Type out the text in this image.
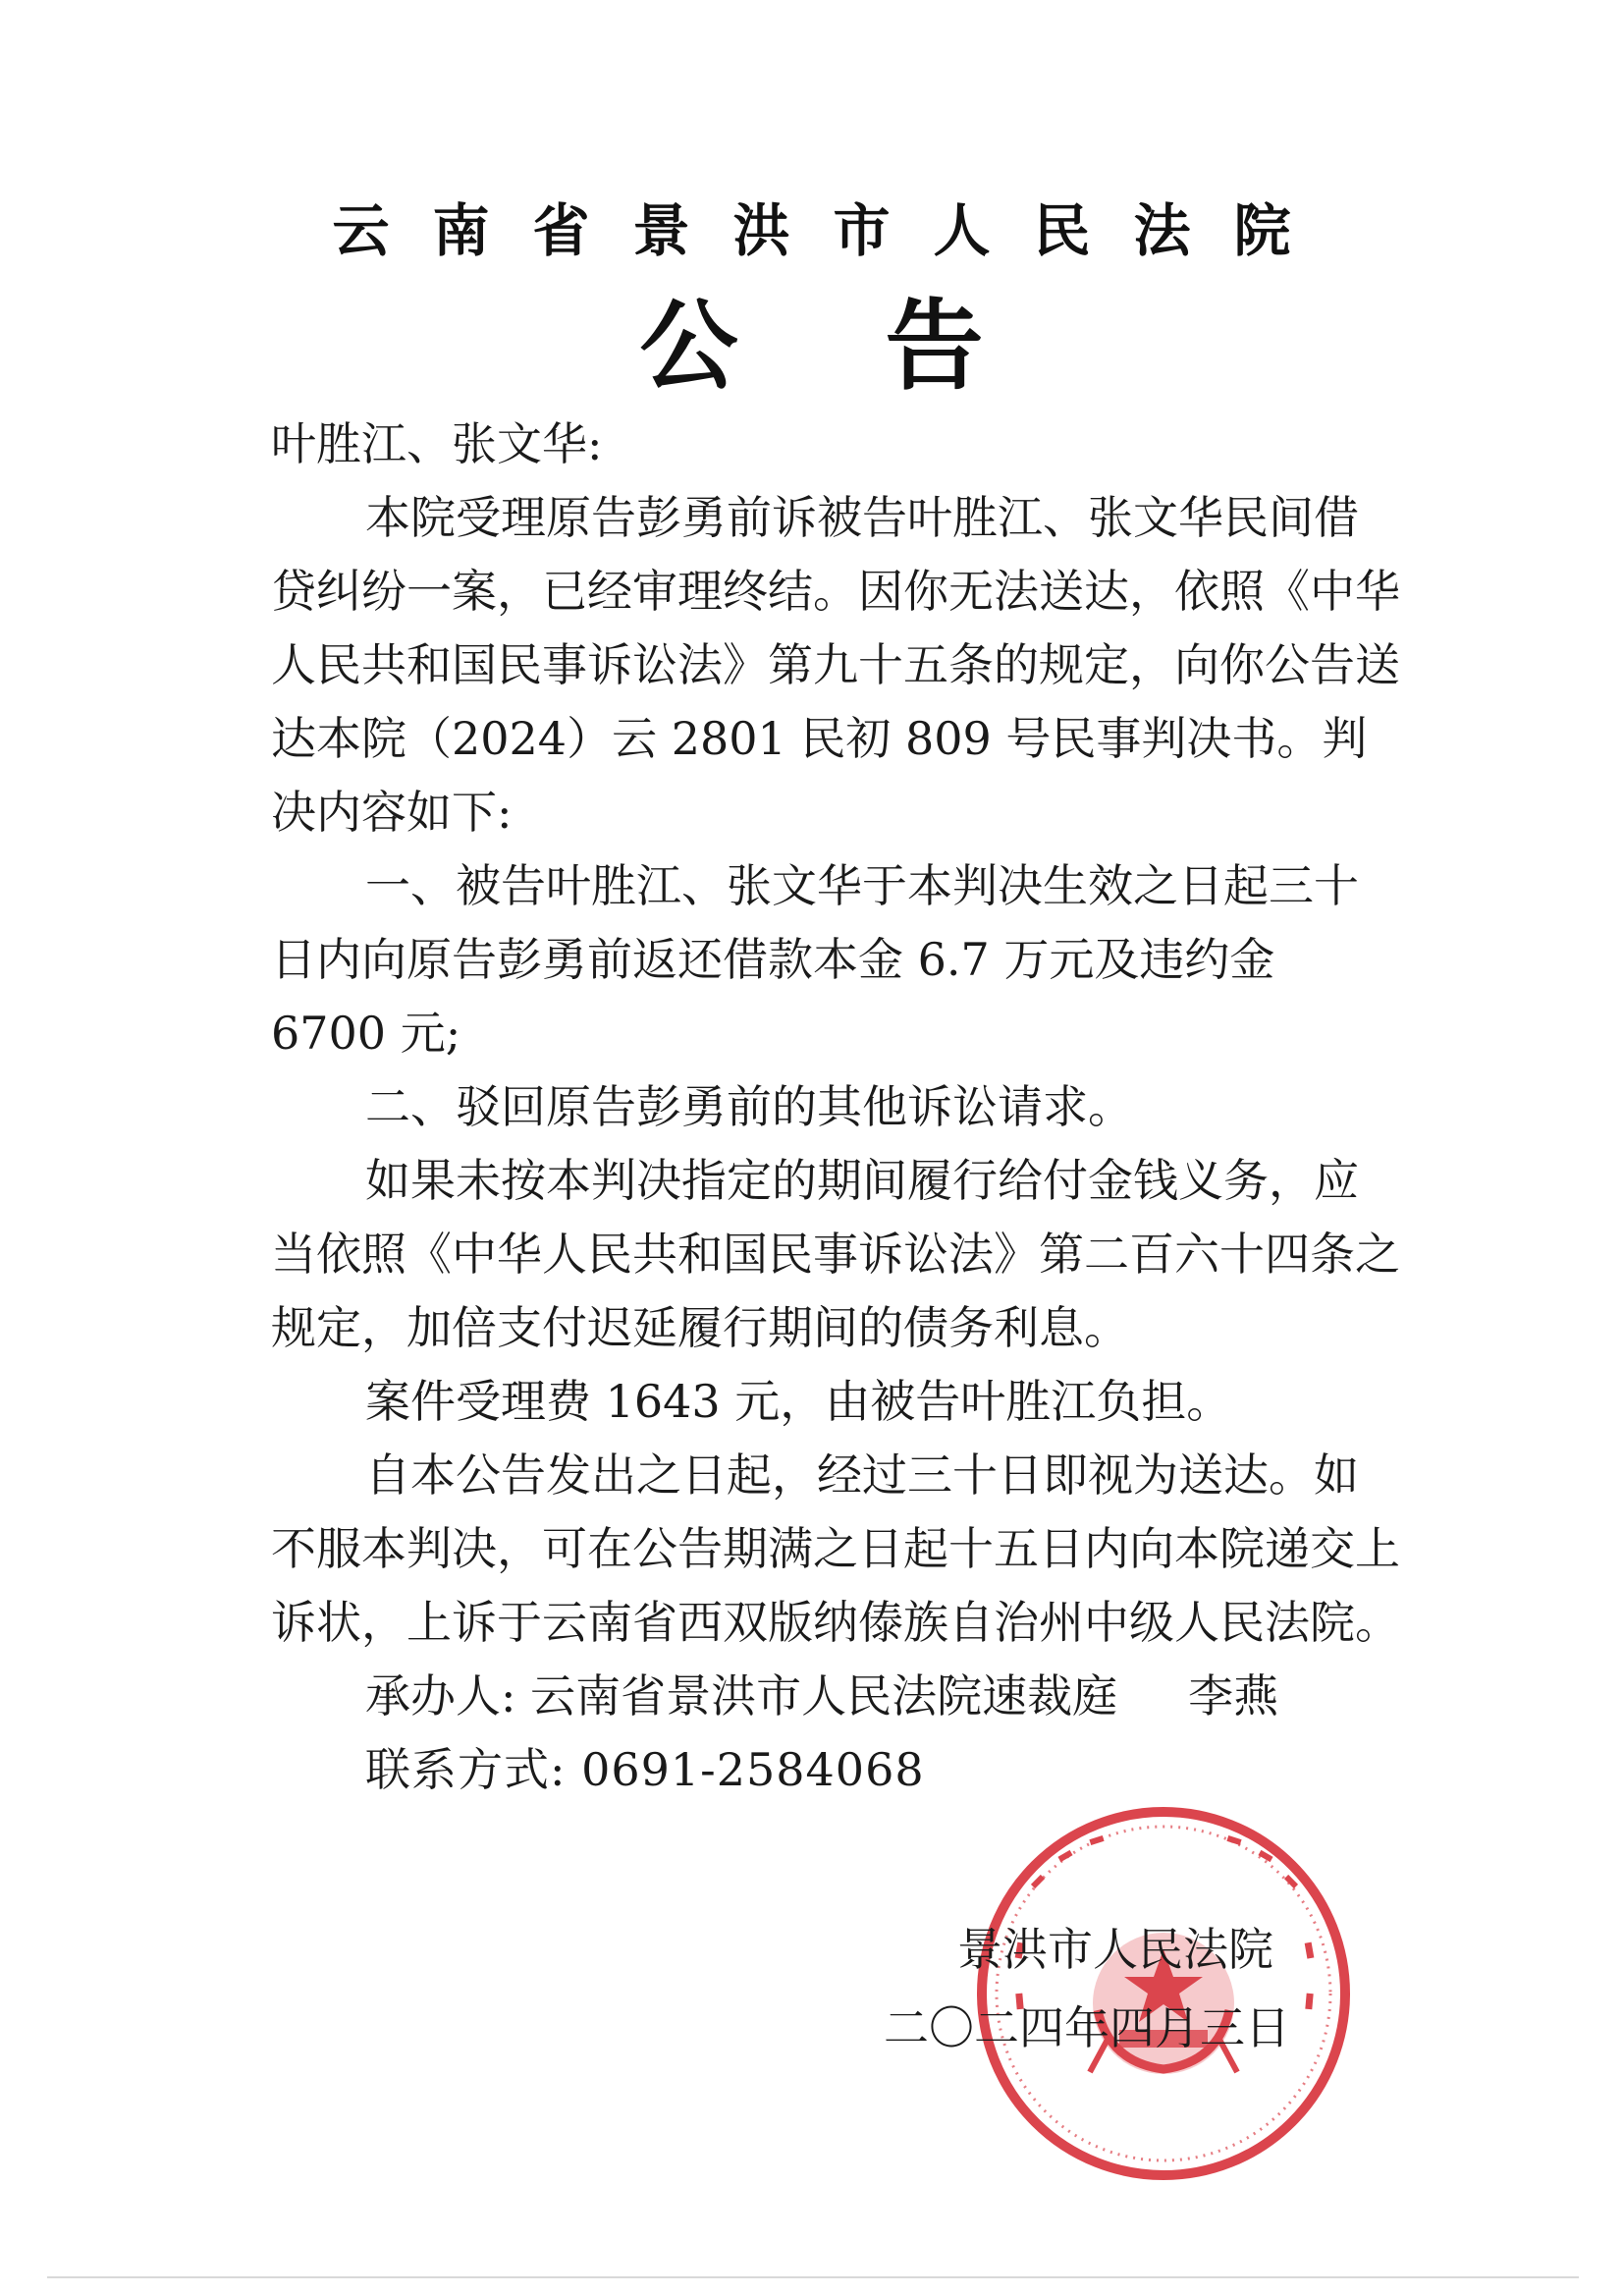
云南省景洪市人民法院
公告

叶胜江、张文华:

本院受理原告彭勇前诉被告叶胜江、张文华民间借贷纠纷一案，已经审理终结。因你无法送达，依照《中华人民共和国民事诉讼法》第九十五条的规定，向你公告送达本院（2024）云 2801 民初 809 号民事判决书。判决内容如下:

一、被告叶胜江、张文华于本判决生效之日起三十日内向原告彭勇前返还借款本金 6.7 万元及违约金 6700 元;

二、驳回原告彭勇前的其他诉讼请求。

如果未按本判决指定的期间履行给付金钱义务，应当依照《中华人民共和国民事诉讼法》第二百六十四条之规定，加倍支付迟延履行期间的债务利息。

案件受理费 1643 元，由被告叶胜江负担。

自本公告发出之日起，经过三十日即视为送达。如不服本判决，可在公告期满之日起十五日内向本院递交上诉状，上诉于云南省西双版纳傣族自治州中级人民法院。

承办人: 云南省景洪市人民法院速裁庭 李燕

联系方式: 0691-2584068

景洪市人民法院
二〇二四年四月三日
